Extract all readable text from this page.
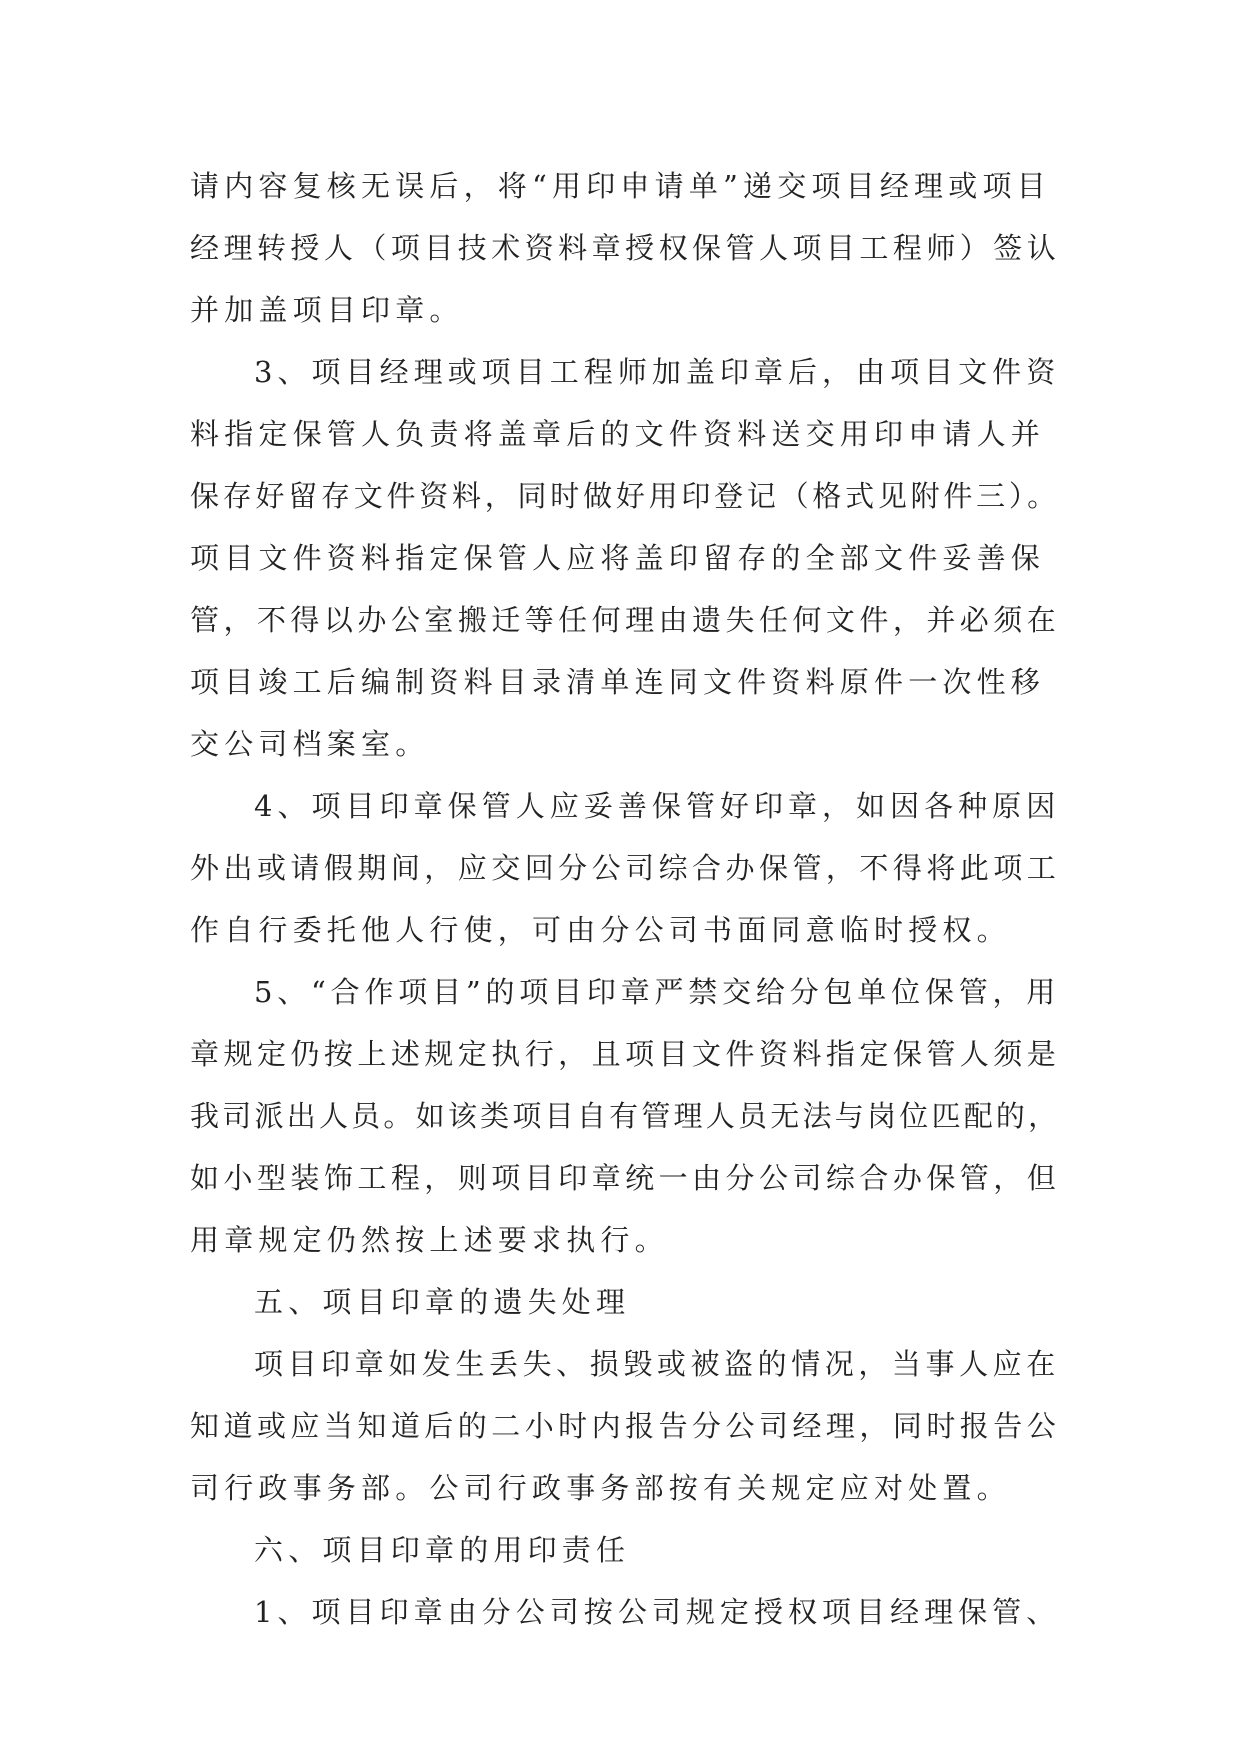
请内容复核无误后，将“用印申请单”递交项目经理或项目
经理转授人（项目技术资料章授权保管人项目工程师）签认
并加盖项目印章。
3、项目经理或项目工程师加盖印章后，由项目文件资
料指定保管人负责将盖章后的文件资料送交用印申请人并
保存好留存文件资料，同时做好用印登记（格式见附件三）。
项目文件资料指定保管人应将盖印留存的全部文件妥善保
管，不得以办公室搬迁等任何理由遗失任何文件，并必须在
项目竣工后编制资料目录清单连同文件资料原件一次性移
交公司档案室。
4、项目印章保管人应妥善保管好印章，如因各种原因
外出或请假期间，应交回分公司综合办保管，不得将此项工
作自行委托他人行使，可由分公司书面同意临时授权。
5、“合作项目”的项目印章严禁交给分包单位保管，用
章规定仍按上述规定执行，且项目文件资料指定保管人须是
我司派出人员。如该类项目自有管理人员无法与岗位匹配的，
如小型装饰工程，则项目印章统一由分公司综合办保管，但
用章规定仍然按上述要求执行。
五、项目印章的遗失处理
项目印章如发生丢失、损毁或被盗的情况，当事人应在
知道或应当知道后的二小时内报告分公司经理，同时报告公
司行政事务部。公司行政事务部按有关规定应对处置。
六、项目印章的用印责任
1、项目印章由分公司按公司规定授权项目经理保管、
